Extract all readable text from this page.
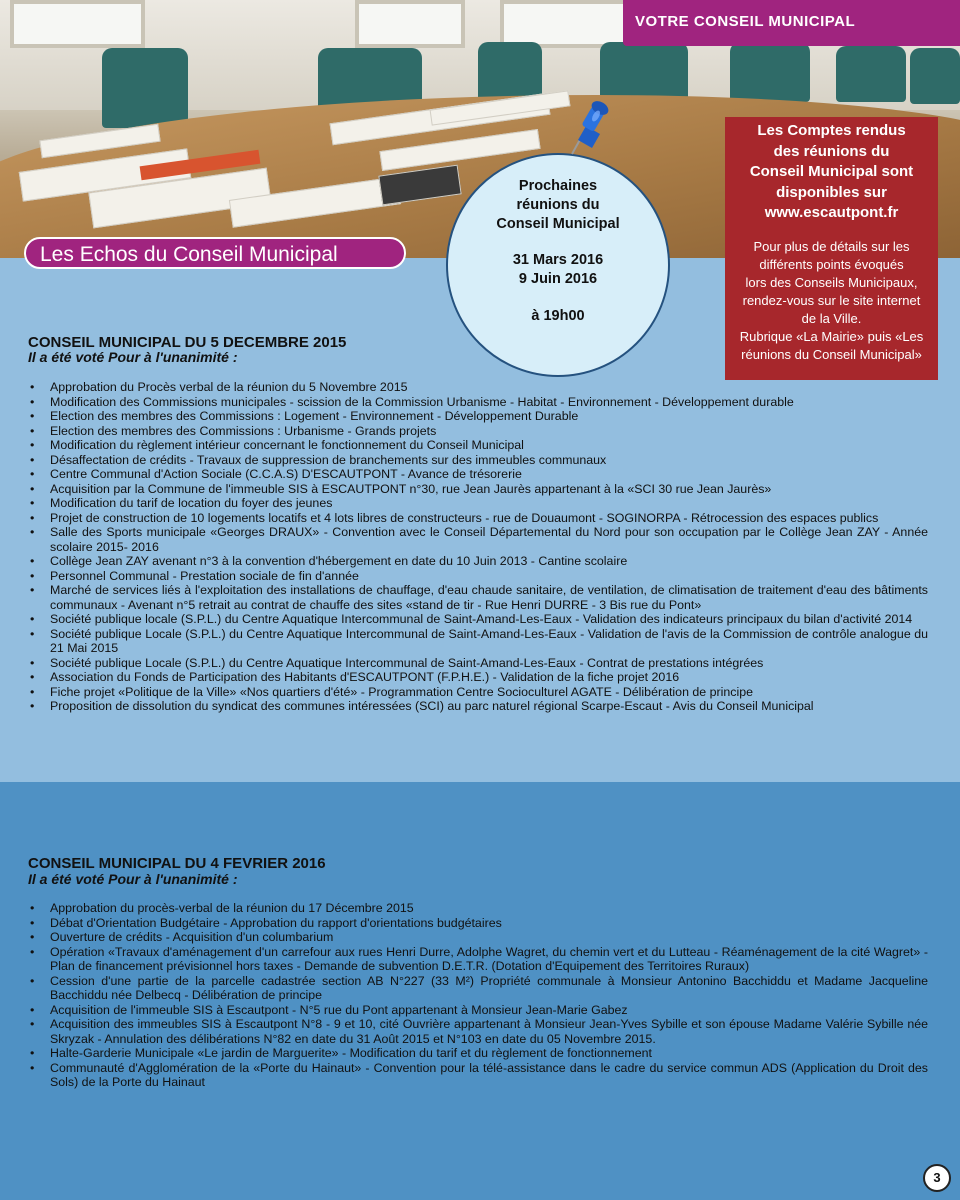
VOTRE CONSEIL MUNICIPAL
Les Echos du Conseil Municipal
Prochaines
réunions du
Conseil Municipal
31 Mars 2016
9 Juin 2016
à 19h00
Les Comptes rendus
des réunions du
Conseil Municipal sont
disponibles sur
www.escautpont.fr
Pour plus de détails sur les
différents points évoqués
lors des Conseils Municipaux,
rendez-vous sur le site internet
de la Ville.
Rubrique «La Mairie» puis «Les
réunions du Conseil Municipal»
CONSEIL MUNICIPAL DU 5 DECEMBRE 2015
Il a été voté Pour à l'unanimité :
• Approbation du Procès verbal de la réunion du 5 Novembre 2015
• Modification des Commissions municipales - scission de la Commission Urbanisme - Habitat - Environnement - Développement durable
• Election des membres des Commissions : Logement - Environnement - Développement Durable
• Election des membres des Commissions : Urbanisme - Grands projets
• Modification du règlement intérieur concernant le fonctionnement du Conseil Municipal
• Désaffectation de crédits - Travaux de suppression de branchements sur des immeubles communaux
• Centre Communal d'Action Sociale (C.C.A.S) D'ESCAUTPONT - Avance de trésorerie
• Acquisition par la Commune de l'immeuble SIS à ESCAUTPONT n°30, rue Jean Jaurès appartenant à la «SCI 30 rue Jean Jaurès»
• Modification du tarif de location du foyer des jeunes
• Projet de construction de 10 logements locatifs et 4 lots libres de constructeurs - rue de Douaumont - SOGINORPA - Rétrocession des espaces publics
• Salle des Sports municipale «Georges DRAUX» - Convention avec le Conseil Départemental du Nord pour son occupation par le Collège Jean ZAY - Année scolaire 2015- 2016
• Collège Jean ZAY avenant n°3 à la convention d'hébergement en date du 10 Juin 2013 - Cantine scolaire
• Personnel Communal - Prestation sociale de fin d'année
• Marché de services liés à l'exploitation des installations de chauffage, d'eau chaude sanitaire, de ventilation, de climatisation de traitement d'eau des bâtiments communaux - Avenant n°5 retrait au contrat de chauffe des sites «stand de tir - Rue Henri DURRE - 3 Bis rue du Pont»
• Société publique locale (S.P.L.) du Centre Aquatique Intercommunal de Saint-Amand-Les-Eaux - Validation des indicateurs principaux du bilan d'activité 2014
• Société publique Locale (S.P.L.) du Centre Aquatique Intercommunal de Saint-Amand-Les-Eaux - Validation de l'avis de la Commission de contrôle analogue du 21 Mai 2015
• Société publique Locale (S.P.L.) du Centre Aquatique Intercommunal de Saint-Amand-Les-Eaux - Contrat de prestations intégrées
• Association du Fonds de Participation des Habitants d'ESCAUTPONT (F.P.H.E.) - Validation de la fiche projet 2016
• Fiche projet «Politique de la Ville» «Nos quartiers d'été» - Programmation Centre Socioculturel AGATE - Délibération de principe
• Proposition de dissolution du syndicat des communes intéressées (SCI) au parc naturel régional Scarpe-Escaut - Avis du Conseil Municipal
CONSEIL MUNICIPAL DU 4 FEVRIER 2016
Il a été voté Pour à l'unanimité :
• Approbation du procès-verbal de la réunion du 17 Décembre 2015
• Débat d'Orientation Budgétaire - Approbation du rapport d'orientations budgétaires
• Ouverture de crédits - Acquisition d'un columbarium
• Opération «Travaux d'aménagement d'un carrefour aux rues Henri Durre, Adolphe Wagret, du chemin vert et du Lutteau - Réaménagement de la cité Wagret» - Plan de financement prévisionnel hors taxes - Demande de subvention D.E.T.R. (Dotation d'Equipement des Territoires Ruraux)
• Cession d'une partie de la parcelle cadastrée section AB N°227 (33 M²) Propriété communale à Monsieur Antonino Bacchiddu et Madame Jacqueline Bacchiddu née Delbecq - Délibération de principe
• Acquisition de l'immeuble SIS à Escautpont - N°5 rue du Pont appartenant à Monsieur Jean-Marie Gabez
• Acquisition des immeubles SIS à Escautpont N°8 - 9 et 10, cité Ouvrière appartenant à Monsieur Jean-Yves Sybille et son épouse Madame Valérie Sybille née Skryzak - Annulation des délibérations N°82 en date du 31 Août 2015 et N°103 en date du 05 Novembre 2015.
• Halte-Garderie Municipale «Le jardin de Marguerite» - Modification du tarif et du règlement de fonctionnement
• Communauté d'Agglomération de la «Porte du Hainaut» - Convention pour la télé-assistance dans le cadre du service commun ADS (Application du Droit des Sols) de la Porte du Hainaut
3
